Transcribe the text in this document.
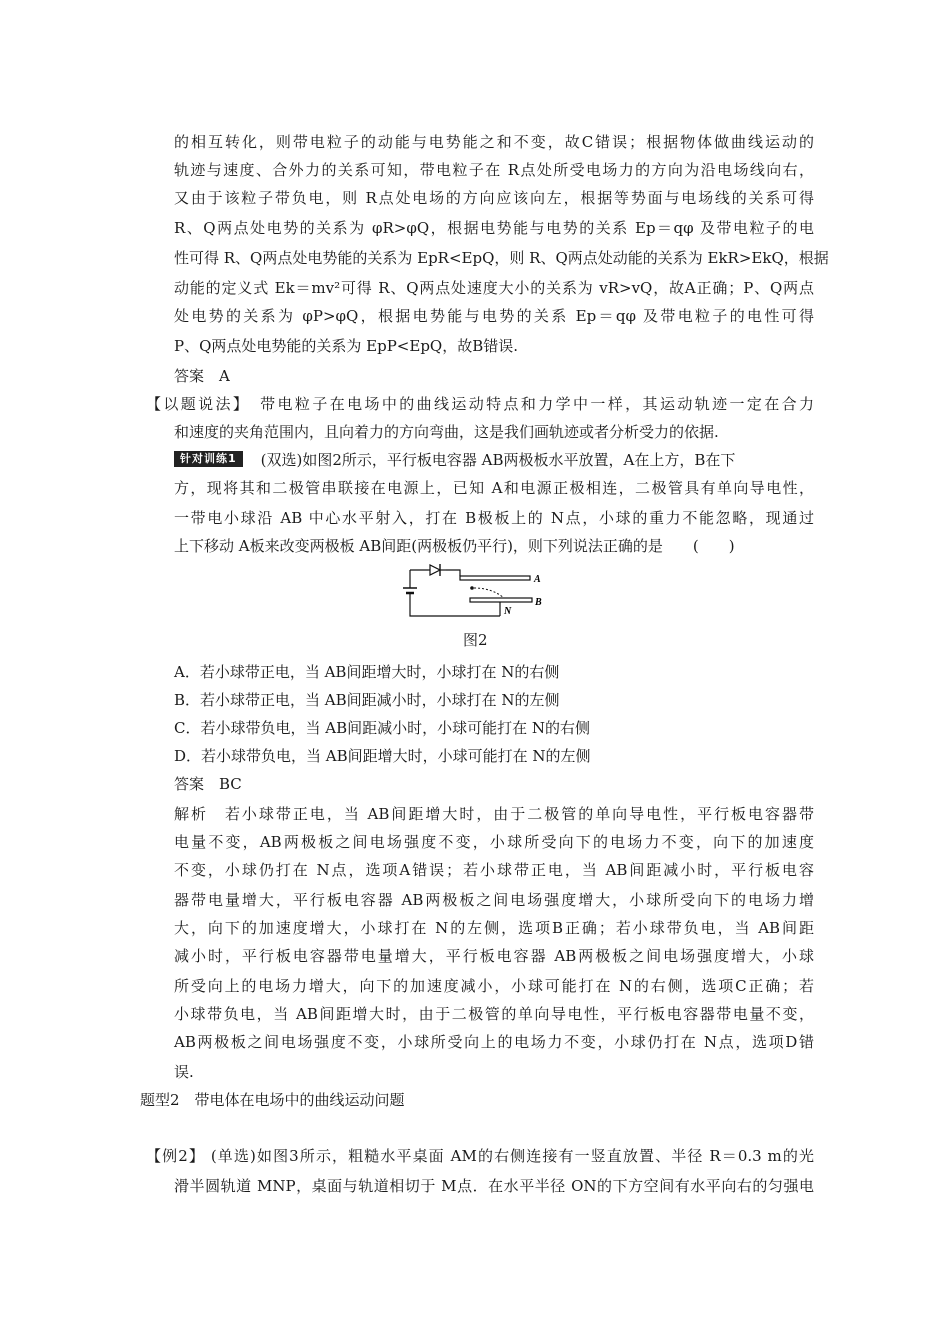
的相互转化，则带电粒子的动能与电势能之和不变，故C错误；根据物体做曲线运动的
轨迹与速度、合外力的关系可知，带电粒子在 R点处所受电场力的方向为沿电场线向右，
又由于该粒子带负电，则 R点处电场的方向应该向左，根据等势面与电场线的关系可得
R、Q两点处电势的关系为 φR>φQ，根据电势能与电势的关系 Ep＝qφ 及带电粒子的电
性可得 R、Q两点处电势能的关系为 EpR<EpQ，则 R、Q两点处动能的关系为 EkR>EkQ，根据
动能的定义式 Ek＝mv²可得 R、Q两点处速度大小的关系为 vR>vQ，故A正确；P、Q两点
处电势的关系为 φP>φQ，根据电势能与电势的关系 Ep＝qφ 及带电粒子的电性可得
P、Q两点处电势能的关系为 EpP<EpQ，故B错误.
答案　A
【以题说法】　带电粒子在电场中的曲线运动特点和力学中一样，其运动轨迹一定在合力
和速度的夹角范围内，且向着力的方向弯曲，这是我们画轨迹或者分析受力的依据.
针对训练1 (双选)如图2所示，平行板电容器 AB两极板水平放置，A在上方，B在下
方，现将其和二极管串联接在电源上，已知 A和电源正极相连，二极管具有单向导电性，
一带电小球沿 AB 中心水平射入，打在 B极板上的 N点，小球的重力不能忽略，现通过
上下移动 A板来改变两极板 AB间距(两极板仍平行)，则下列说法正确的是　　(　　)
A
B
N
图2
A．若小球带正电，当 AB间距增大时，小球打在 N的右侧
B．若小球带正电，当 AB间距减小时，小球打在 N的左侧
C．若小球带负电，当 AB间距减小时，小球可能打在 N的右侧
D．若小球带负电，当 AB间距增大时，小球可能打在 N的左侧
答案　BC
解析　若小球带正电，当 AB间距增大时，由于二极管的单向导电性，平行板电容器带
电量不变，AB两极板之间电场强度不变，小球所受向下的电场力不变，向下的加速度
不变，小球仍打在 N点，选项A错误；若小球带正电，当 AB间距减小时，平行板电容
器带电量增大，平行板电容器 AB两极板之间电场强度增大，小球所受向下的电场力增
大，向下的加速度增大，小球打在 N的左侧，选项B正确；若小球带负电，当 AB间距
减小时，平行板电容器带电量增大，平行板电容器 AB两极板之间电场强度增大，小球
所受向上的电场力增大，向下的加速度减小，小球可能打在 N的右侧，选项C正确；若
小球带负电，当 AB间距增大时，由于二极管的单向导电性，平行板电容器带电量不变，
AB两极板之间电场强度不变，小球所受向上的电场力不变，小球仍打在 N点，选项D错
误.
题型2　带电体在电场中的曲线运动问题
【例2】 (单选)如图3所示，粗糙水平桌面 AM的右侧连接有一竖直放置、半径 R＝0.3 m的光
滑半圆轨道 MNP，桌面与轨道相切于 M点．在水平半径 ON的下方空间有水平向右的匀强电
